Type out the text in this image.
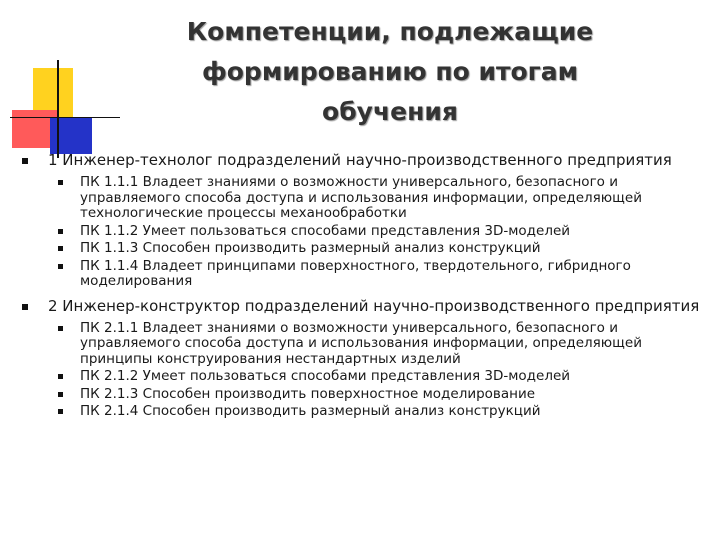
Компетенции, подлежащие
формированию по итогам
обучения
1 Инженер-технолог подразделений научно-производственного предприятия
ПК 1.1.1 Владеет знаниями о возможности универсального, безопасного и управляемого способа доступа и использования информации, определяющей технологические процессы механообработки
ПК 1.1.2 Умеет пользоваться способами представления 3D-моделей
ПК 1.1.3 Способен производить размерный анализ конструкций
ПК 1.1.4 Владеет принципами поверхностного, твердотельного, гибридного моделирования
2 Инженер-конструктор подразделений научно-производственного предприятия
ПК 2.1.1 Владеет знаниями о возможности универсального, безопасного и управляемого способа доступа и использования информации, определяющей принципы конструирования нестандартных изделий
ПК 2.1.2 Умеет пользоваться способами представления 3D-моделей
ПК 2.1.3 Способен производить поверхностное моделирование
ПК 2.1.4 Способен производить размерный анализ конструкций
